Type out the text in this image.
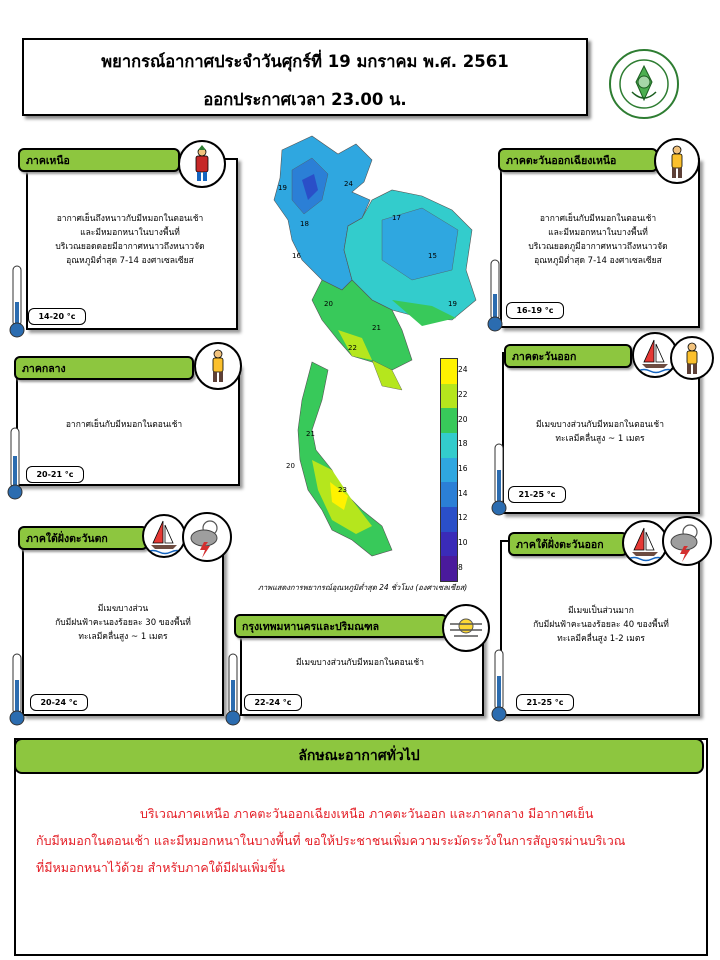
พยากรณ์อากาศประจำวันศุกร์ที่ 19 มกราคม พ.ศ. 2561
ออกประกาศเวลา 23.00 น.
ภาคเหนือ
อากาศเย็นถึงหนาวกับมีหมอกในตอนเช้า
และมีหมอกหนาในบางพื้นที่
บริเวณยอดดอยมีอากาศหนาวถึงหนาวจัด
อุณหภูมิต่ำสุด 7-14 องศาเซลเซียส
14-20 °c
ภาคตะวันออกเฉียงเหนือ
อากาศเย็นกับมีหมอกในตอนเช้า
และมีหมอกหนาในบางพื้นที่
บริเวณยอดภูมีอากาศหนาวถึงหนาวจัด
อุณหภูมิต่ำสุด 7-14 องศาเซลเซียส
16-19 °c
ภาคกลาง
อากาศเย็นกับมีหมอกในตอนเช้า
20-21 °c
ภาคตะวันออก
มีเมฆบางส่วนกับมีหมอกในตอนเช้า
ทะเลมีคลื่นสูง ~ 1 เมตร
21-25 °c
ภาคใต้ฝั่งตะวันตก
มีเมฆบางส่วน
กับมีฝนฟ้าคะนองร้อยละ 30 ของพื้นที่
ทะเลมีคลื่นสูง ~ 1 เมตร
20-24 °c
กรุงเทพมหานครและปริมณฑล
มีเมฆบางส่วนกับมีหมอกในตอนเช้า
22-24 °c
ภาคใต้ฝั่งตะวันออก
มีเมฆเป็นส่วนมาก
กับมีฝนฟ้าคะนองร้อยละ 40 ของพื้นที่
ทะเลมีคลื่นสูง 1-2 เมตร
21-25 °c
24
19
18
17
16	15
19
20
21
22
23
21
20
24
22
20
18
16
14
12
10
8
ภาพแสดงการพยากรณ์อุณหภูมิต่ำสุด 24 ชั่วโมง (องศาเซลเซียส)
ลักษณะอากาศทั่วไป
บริเวณภาคเหนือ ภาคตะวันออกเฉียงเหนือ ภาคตะวันออก และภาคกลาง มีอากาศเย็น
กับมีหมอกในตอนเช้า และมีหมอกหนาในบางพื้นที่ ขอให้ประชาชนเพิ่มความระมัดระวังในการสัญจรผ่านบริเวณ
ที่มีหมอกหนาไว้ด้วย สำหรับภาคใต้มีฝนเพิ่มขึ้น
